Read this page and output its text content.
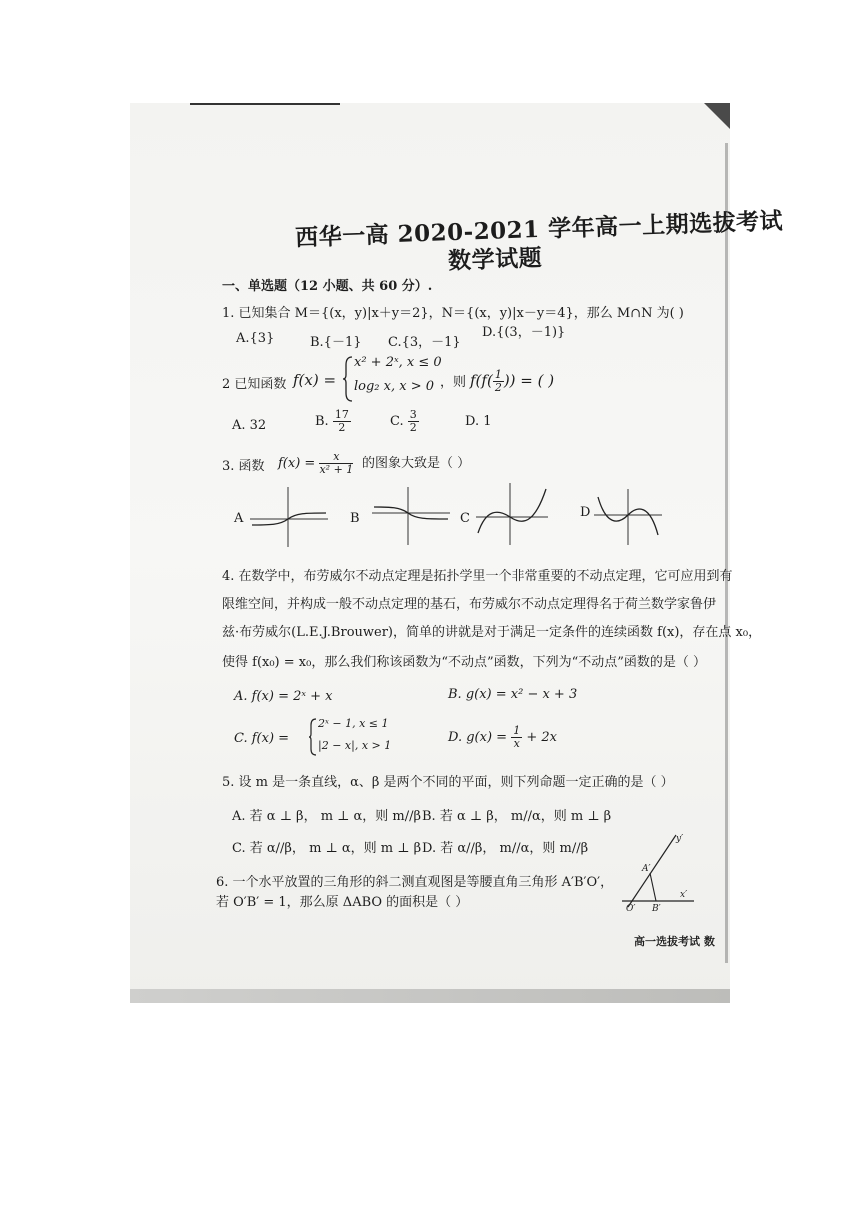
西华一高 2020-2021 学年高一上期选拔考试
数学试题
一、单选题（12 小题、共 60 分）.
1. 已知集合 M＝{(x，y)|x＋y＝2}，N＝{(x，y)|x－y＝4}，那么 M∩N 为( )
A.{3}	B.{－1} C.{3，－1}
D.{(3，－1)}
2 已知函数 f(x) =
x² + 2ˣ, x ≤ 0
log₂ x, x > 0 ，则 $f(f( \frac{1}{2}$ )) = ( )
A. 32	B. $\frac{17}{2}$	C. $\frac{3}{2}$	D. 1
3. 函数 $f(x) = \frac{x}{\text{x² + 1}}$ 的图象大致是（ ）
A	B	C	D
4. 在数学中，布劳威尔不动点定理是拓扑学里一个非常重要的不动点定理，它可应用到有
限维空间，并构成一般不动点定理的基石，布劳威尔不动点定理得名于荷兰数学家鲁伊
兹·布劳威尔(L.E.J.Brouwer)，简单的讲就是对于满足一定条件的连续函数 f(x)，存在点 x₀，
使得 f(x₀) = x₀，那么我们称该函数为“不动点”函数，下列为“不动点”函数的是（ ）
A. f(x) = 2ˣ + x	B. g(x) = x² − x + 3
C. f(x) =
2ˣ − 1, x ≤ 1
|2 − x|, x > 1
D. $g(x) = \frac{1}{x} + 2x$
5. 设 m 是一条直线，α、β 是两个不同的平面，则下列命题一定正确的是（ ）
A. 若 α ⊥ β， m ⊥ α，则 m//β B. 若 α ⊥ β， m//α，则 m ⊥ β
C. 若 α//β， m ⊥ α，则 m ⊥ β D. 若 α//β， m//α，则 m//β
6. 一个水平放置的三角形的斜二测直观图是等腰直角三角形 A′B′O′，
若 O′B′ = 1，那么原 ΔABO 的面积是（ ）
y′
A′
O′ B′
x′
高一选拔考试 数
